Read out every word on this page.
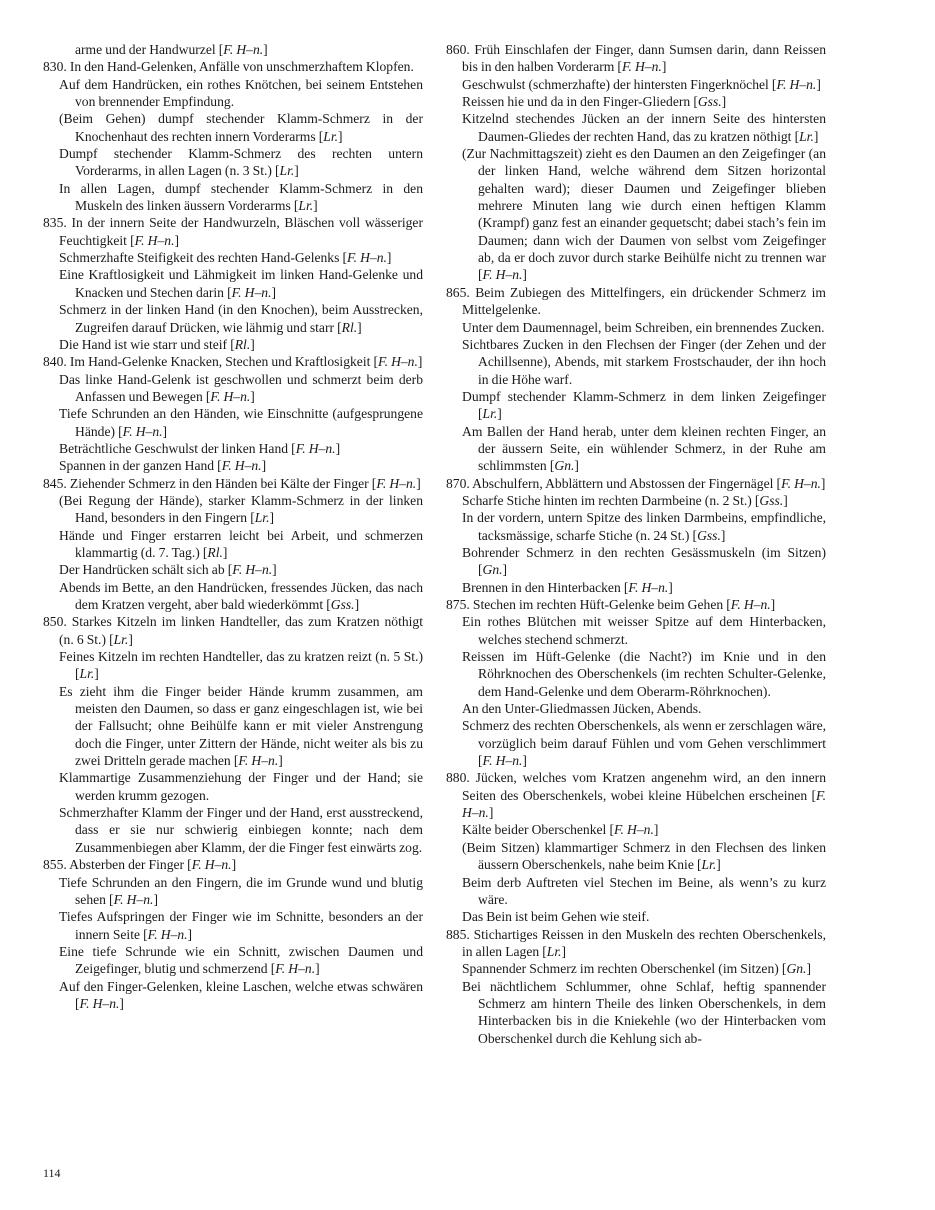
arme und der Handwurzel [F. H–n.]
830. In den Hand-Gelenken, Anfälle von unschmerzhaftem Klopfen.
Auf dem Handrücken, ein rothes Knötchen, bei seinem Entstehen von brennender Empfindung.
(Beim Gehen) dumpf stechender Klamm-Schmerz in der Knochenhaut des rechten innern Vorderarms [Lr.]
Dumpf stechender Klamm-Schmerz des rechten untern Vorderarms, in allen Lagen (n. 3 St.) [Lr.]
In allen Lagen, dumpf stechender Klamm-Schmerz in den Muskeln des linken äussern Vorderarms [Lr.]
835. In der innern Seite der Handwurzeln, Bläschen voll wässeriger Feuchtigkeit [F. H–n.]
Schmerzhafte Steifigkeit des rechten Hand-Gelenks [F. H–n.]
Eine Kraftlosigkeit und Lähmigkeit im linken Hand-Gelenke und Knacken und Stechen darin [F. H–n.]
Schmerz in der linken Hand (in den Knochen), beim Ausstrecken, Zugreifen darauf Drücken, wie lähmig und starr [Rl.]
Die Hand ist wie starr und steif [Rl.]
840. Im Hand-Gelenke Knacken, Stechen und Kraftlosigkeit [F. H–n.]
Das linke Hand-Gelenk ist geschwollen und schmerzt beim derb Anfassen und Bewegen [F. H–n.]
Tiefe Schrunden an den Händen, wie Einschnitte (aufgesprungene Hände) [F. H–n.]
Beträchtliche Geschwulst der linken Hand [F. H–n.]
Spannen in der ganzen Hand [F. H–n.]
845. Ziehender Schmerz in den Händen bei Kälte der Finger [F. H–n.]
(Bei Regung der Hände), starker Klamm-Schmerz in der linken Hand, besonders in den Fingern [Lr.]
Hände und Finger erstarren leicht bei Arbeit, und schmerzen klammartig (d. 7. Tag.) [Rl.]
Der Handrücken schält sich ab [F. H–n.]
Abends im Bette, an den Handrücken, fressendes Jücken, das nach dem Kratzen vergeht, aber bald wiederkömmt [Gss.]
850. Starkes Kitzeln im linken Handteller, das zum Kratzen nöthigt (n. 6 St.) [Lr.]
Feines Kitzeln im rechten Handteller, das zu kratzen reizt (n. 5 St.) [Lr.]
Es zieht ihm die Finger beider Hände krumm zusammen, am meisten den Daumen, so dass er ganz eingeschlagen ist, wie bei der Fallsucht; ohne Beihülfe kann er mit vieler Anstrengung doch die Finger, unter Zittern der Hände, nicht weiter als bis zu zwei Dritteln gerade machen [F. H–n.]
Klammartige Zusammenziehung der Finger und der Hand; sie werden krumm gezogen.
Schmerzhafter Klamm der Finger und der Hand, erst ausstreckend, dass er sie nur schwierig einbiegen konnte; nach dem Zusammenbiegen aber Klamm, der die Finger fest einwärts zog.
855. Absterben der Finger [F. H–n.]
Tiefe Schrunden an den Fingern, die im Grunde wund und blutig sehen [F. H–n.]
Tiefes Aufspringen der Finger wie im Schnitte, besonders an der innern Seite [F. H–n.]
Eine tiefe Schrunde wie ein Schnitt, zwischen Daumen und Zeigefinger, blutig und schmerzend [F. H–n.]
Auf den Finger-Gelenken, kleine Laschen, welche etwas schwären [F. H–n.]
860. Früh Einschlafen der Finger, dann Sumsen darin, dann Reissen bis in den halben Vorderarm [F. H–n.]
Geschwulst (schmerzhafte) der hintersten Fingerknöchel [F. H–n.]
Reissen hie und da in den Finger-Gliedern [Gss.]
Kitzelnd stechendes Jücken an der innern Seite des hintersten Daumen-Gliedes der rechten Hand, das zu kratzen nöthigt [Lr.]
(Zur Nachmittagszeit) zieht es den Daumen an den Zeigefinger (an der linken Hand, welche während dem Sitzen horizontal gehalten ward); dieser Daumen und Zeigefinger blieben mehrere Minuten lang wie durch einen heftigen Klamm (Krampf) ganz fest an einander gequetscht; dabei stach’s fein im Daumen; dann wich der Daumen von selbst vom Zeigefinger ab, da er doch zuvor durch starke Beihülfe nicht zu trennen war [F. H–n.]
865. Beim Zubiegen des Mittelfingers, ein drückender Schmerz im Mittelgelenke.
Unter dem Daumennagel, beim Schreiben, ein brennendes Zucken.
Sichtbares Zucken in den Flechsen der Finger (der Zehen und der Achillsenne), Abends, mit starkem Frostschauder, der ihn hoch in die Höhe warf.
Dumpf stechender Klamm-Schmerz in dem linken Zeigefinger [Lr.]
Am Ballen der Hand herab, unter dem kleinen rechten Finger, an der äussern Seite, ein wühlender Schmerz, in der Ruhe am schlimmsten [Gn.]
870. Abschulfern, Abblättern und Abstossen der Fingernägel [F. H–n.]
Scharfe Stiche hinten im rechten Darmbeine (n. 2 St.) [Gss.]
In der vordern, untern Spitze des linken Darmbeins, empfindliche, tacksmässige, scharfe Stiche (n. 24 St.) [Gss.]
Bohrender Schmerz in den rechten Gesässmuskeln (im Sitzen) [Gn.]
Brennen in den Hinterbacken [F. H–n.]
875. Stechen im rechten Hüft-Gelenke beim Gehen [F. H–n.]
Ein rothes Blütchen mit weisser Spitze auf dem Hinterbacken, welches stechend schmerzt.
Reissen im Hüft-Gelenke (die Nacht?) im Knie und in den Röhrknochen des Oberschenkels (im rechten Schulter-Gelenke, dem Hand-Gelenke und dem Oberarm-Röhrknochen).
An den Unter-Gliedmassen Jücken, Abends.
Schmerz des rechten Oberschenkels, als wenn er zerschlagen wäre, vorzüglich beim darauf Fühlen und vom Gehen verschlimmert [F. H–n.]
880. Jücken, welches vom Kratzen angenehm wird, an den innern Seiten des Oberschenkels, wobei kleine Hübelchen erscheinen [F. H–n.]
Kälte beider Oberschenkel [F. H–n.]
(Beim Sitzen) klammartiger Schmerz in den Flechsen des linken äussern Oberschenkels, nahe beim Knie [Lr.]
Beim derb Auftreten viel Stechen im Beine, als wenn’s zu kurz wäre.
Das Bein ist beim Gehen wie steif.
885. Stichartiges Reissen in den Muskeln des rechten Oberschenkels, in allen Lagen [Lr.]
Spannender Schmerz im rechten Oberschenkel (im Sitzen) [Gn.]
Bei nächtlichem Schlummer, ohne Schlaf, heftig spannender Schmerz am hintern Theile des linken Oberschenkels, in dem Hinterbacken bis in die Kniekehle (wo der Hinterbacken vom Oberschenkel durch die Kehlung sich ab-
114
